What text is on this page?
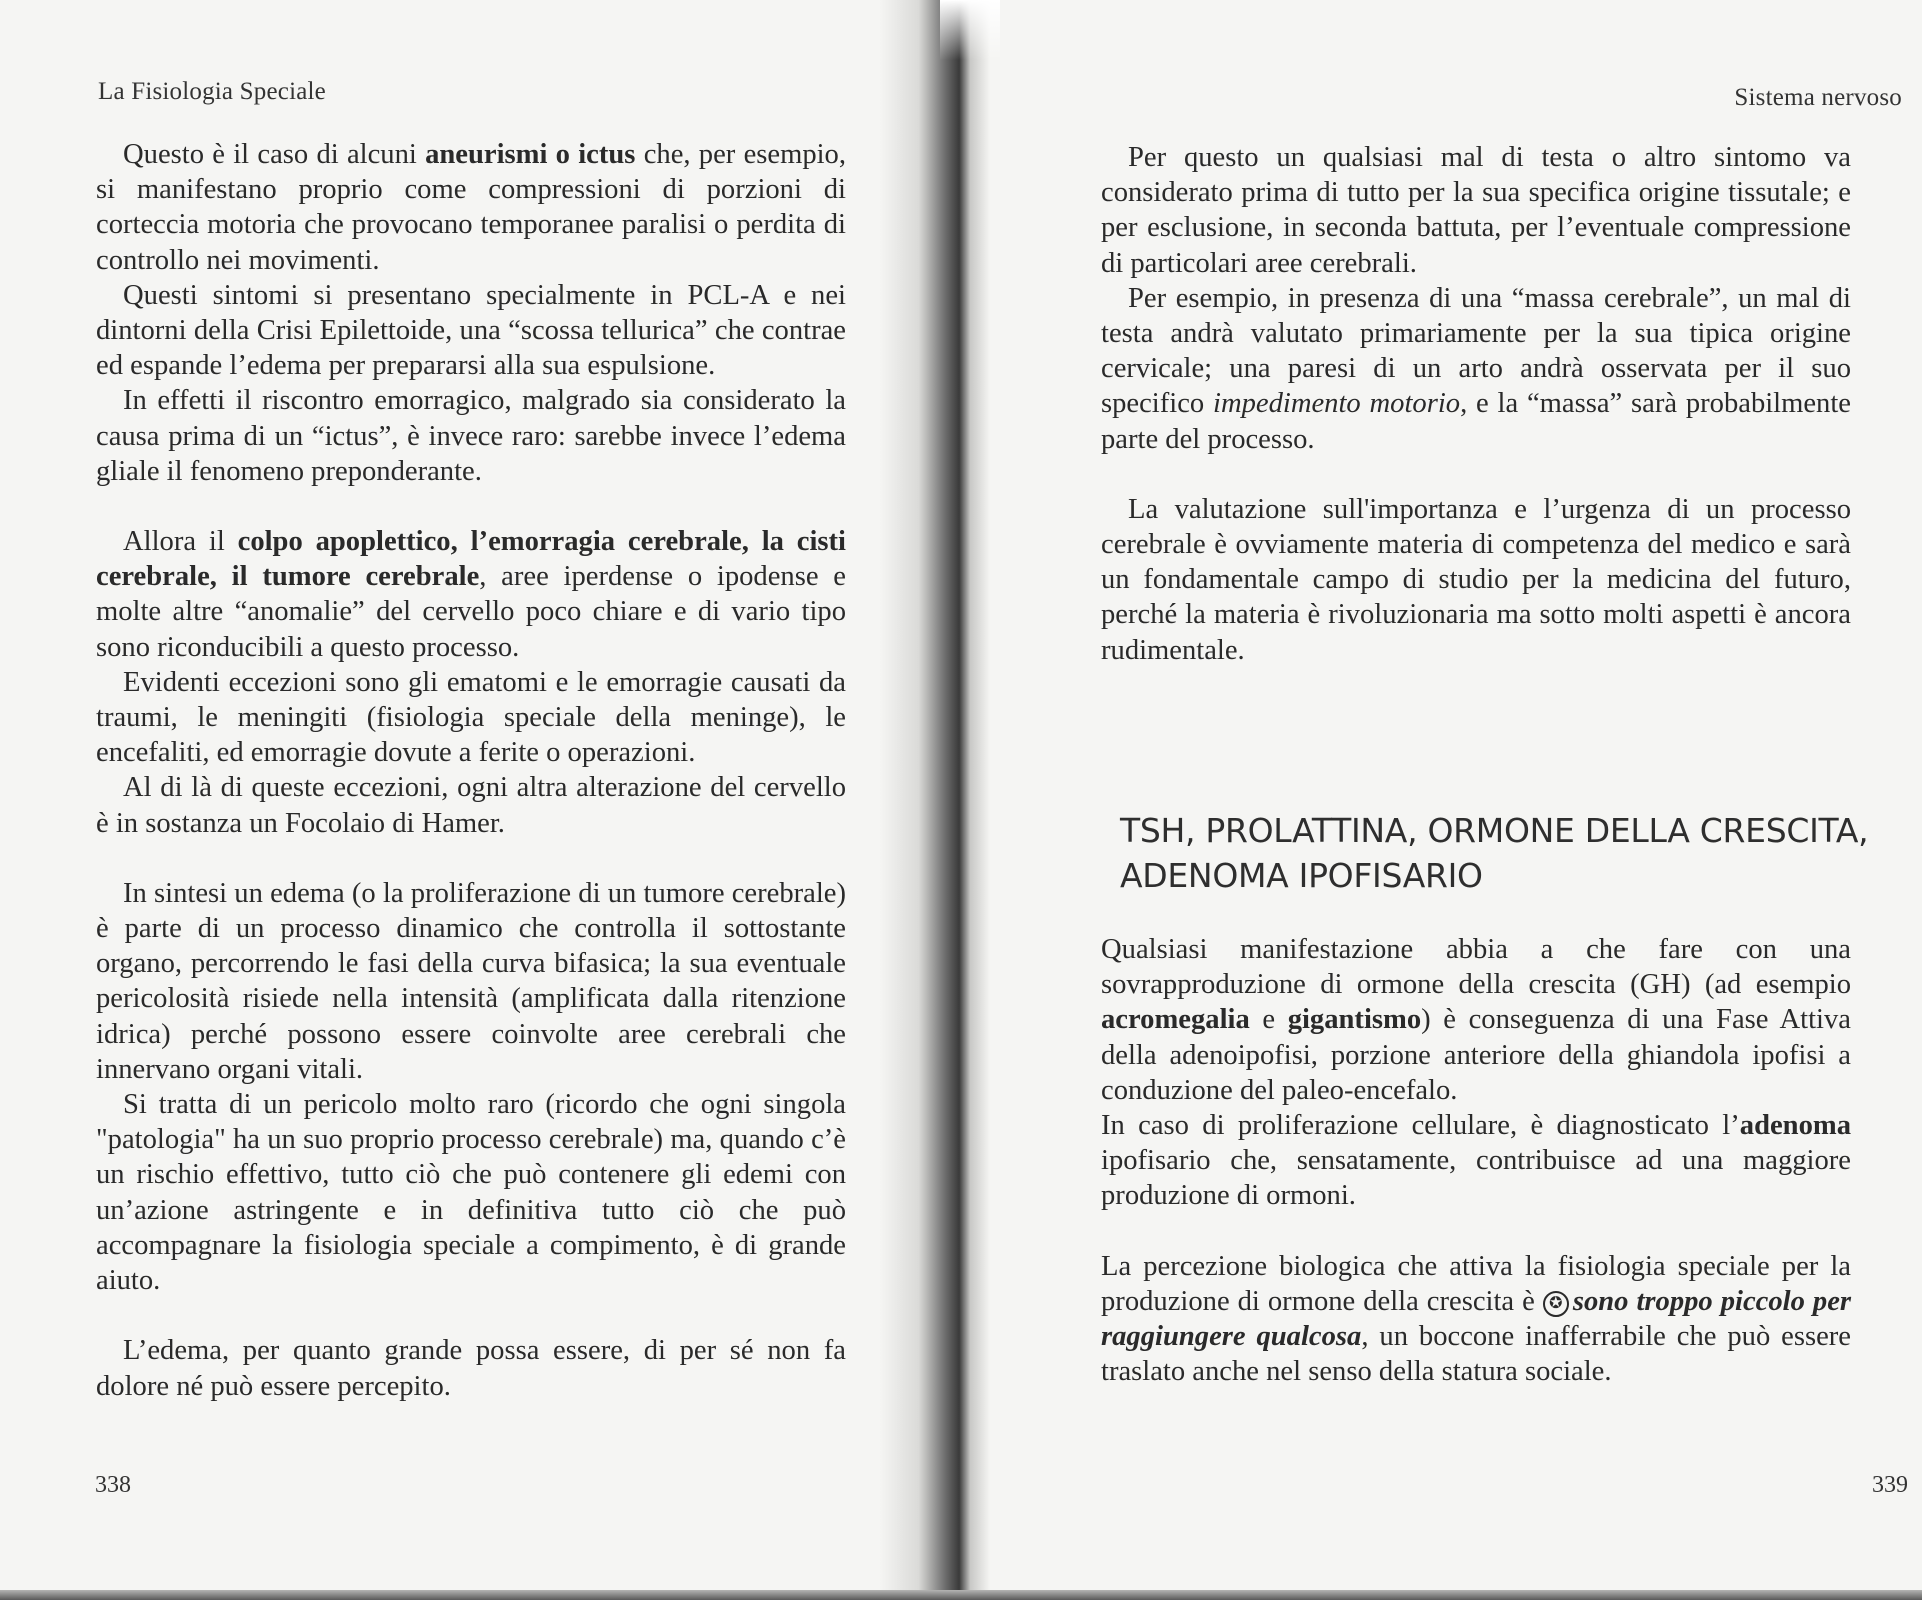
La Fisiologia Speciale

Questo è il caso di alcuni aneurismi o ictus che, per esempio, si manifestano proprio come compressioni di porzioni di corteccia motoria che provocano temporanee paralisi o perdita di controllo nei movimenti.

Questi sintomi si presentano specialmente in PCL-A e nei dintorni della Crisi Epilettoide, una “scossa tellurica” che contrae ed espande l’edema per prepararsi alla sua espulsione.

In effetti il riscontro emorragico, malgrado sia considerato la causa prima di un “ictus”, è invece raro: sarebbe invece l’edema gliale il fenomeno preponderante.

Allora il colpo apoplettico, l’emorragia cerebrale, la cisti cerebrale, il tumore cerebrale, aree iperdense o ipodense e molte altre “anomalie” del cervello poco chiare e di vario tipo sono riconducibili a questo processo.

Evidenti eccezioni sono gli ematomi e le emorragie causati da traumi, le meningiti (fisiologia speciale della meninge), le encefaliti, ed emorragie dovute a ferite o operazioni.

Al di là di queste eccezioni, ogni altra alterazione del cervello è in sostanza un Focolaio di Hamer.

In sintesi un edema (o la proliferazione di un tumore cerebrale) è parte di un processo dinamico che controlla il sottostante organo, percorrendo le fasi della curva bifasica; la sua eventuale pericolosità risiede nella intensità (amplificata dalla ritenzione idrica) perché possono essere coinvolte aree cerebrali che innervano organi vitali.

Si tratta di un pericolo molto raro (ricordo che ogni singola "patologia" ha un suo proprio processo cerebrale) ma, quando c’è un rischio effettivo, tutto ciò che può contenere gli edemi con un’azione astringente e in definitiva tutto ciò che può accompagnare la fisiologia speciale a compimento, è di grande aiuto.

L’edema, per quanto grande possa essere, di per sé non fa dolore né può essere percepito.

338
Sistema nervoso

Per questo un qualsiasi mal di testa o altro sintomo va considerato prima di tutto per la sua specifica origine tissutale; e per esclusione, in seconda battuta, per l’eventuale compressione di particolari aree cerebrali.

Per esempio, in presenza di una “massa cerebrale”, un mal di testa andrà valutato primariamente per la sua tipica origine cervicale; una paresi di un arto andrà osservata per il suo specifico impedimento motorio, e la “massa” sarà probabilmente parte del processo.

La valutazione sull'importanza e l’urgenza di un processo cerebrale è ovviamente materia di competenza del medico e sarà un fondamentale campo di studio per la medicina del futuro, perché la materia è rivoluzionaria ma sotto molti aspetti è ancora rudimentale.

TSH, PROLATTINA, ORMONE DELLA CRESCITA,
ADENOMA IPOFISARIO

Qualsiasi manifestazione abbia a che fare con una sovrapproduzione di ormone della crescita (GH) (ad esempio acromegalia e gigantismo) è conseguenza di una Fase Attiva della adenoipofisi, porzione anteriore della ghiandola ipofisi a conduzione del paleo-encefalo.

In caso di proliferazione cellulare, è diagnosticato l’adenoma ipofisario che, sensatamente, contribuisce ad una maggiore produzione di ormoni.

La percezione biologica che attiva la fisiologia speciale per la produzione di ormone della crescita è ✪ sono troppo piccolo per raggiungere qualcosa, un boccone inafferrabile che può essere traslato anche nel senso della statura sociale.

339
